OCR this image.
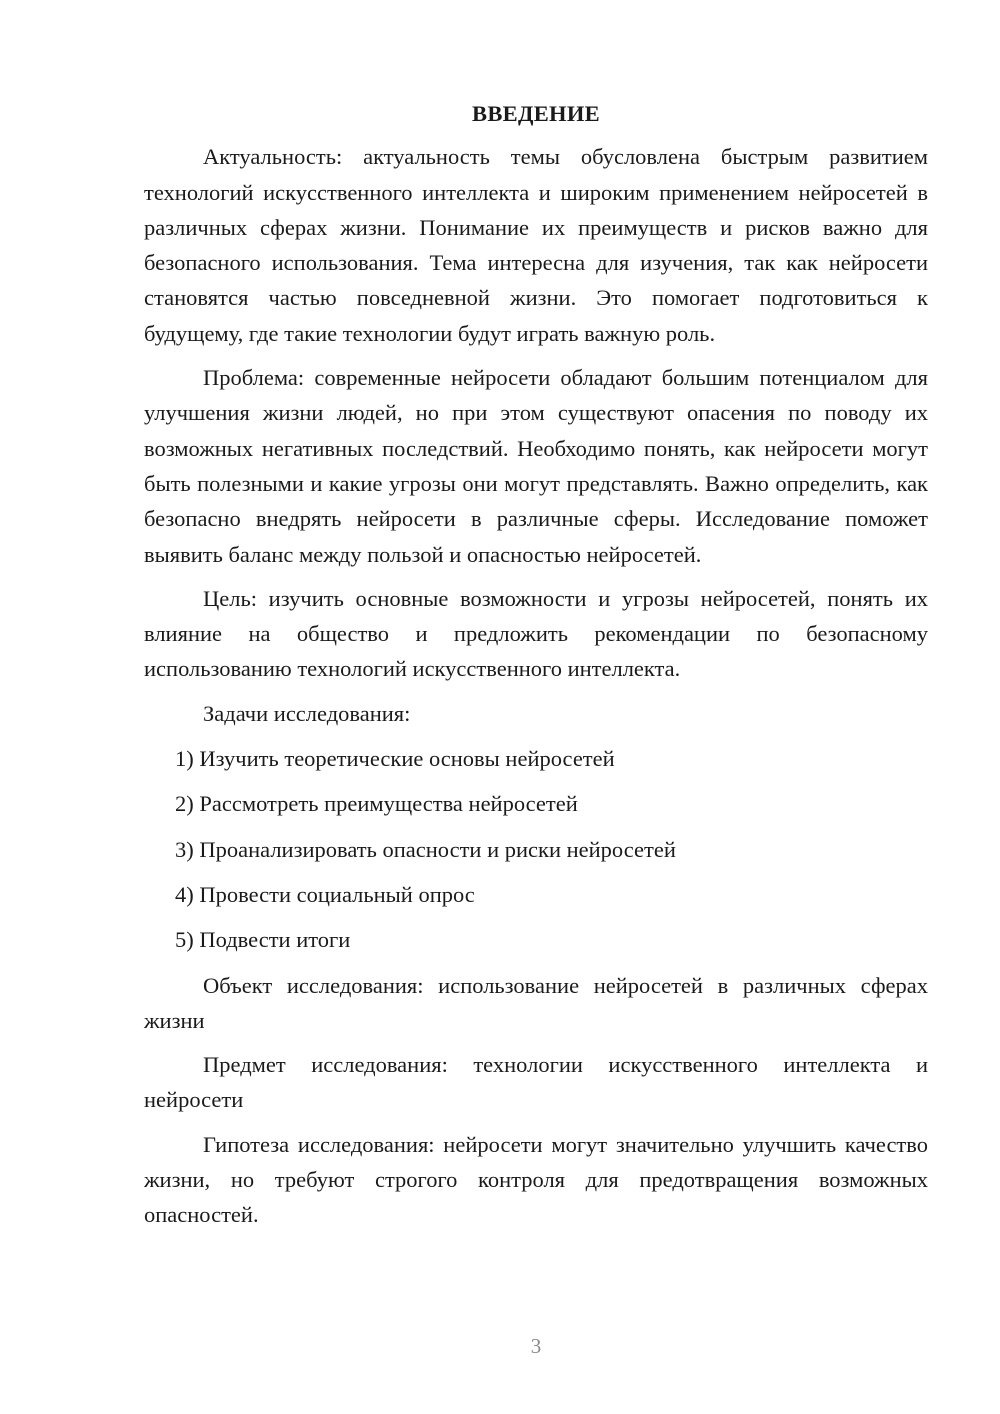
ВВЕДЕНИЕ

Актуальность: актуальность темы обусловлена быстрым развитием технологий искусственного интеллекта и широким применением нейросетей в различных сферах жизни. Понимание их преимуществ и рисков важно для безопасного использования. Тема интересна для изучения, так как нейросети становятся частью повседневной жизни. Это помогает подготовиться к будущему, где такие технологии будут играть важную роль.

Проблема: современные нейросети обладают большим потенциалом для улучшения жизни людей, но при этом существуют опасения по поводу их возможных негативных последствий. Необходимо понять, как нейросети могут быть полезными и какие угрозы они могут представлять. Важно определить, как безопасно внедрять нейросети в различные сферы. Исследование поможет выявить баланс между пользой и опасностью нейросетей.

Цель: изучить основные возможности и угрозы нейросетей, понять их влияние на общество и предложить рекомендации по безопасному использованию технологий искусственного интеллекта.

Задачи исследования:

1) Изучить теоретические основы нейросетей

2) Рассмотреть преимущества нейросетей

3) Проанализировать опасности и риски нейросетей

4) Провести социальный опрос

5) Подвести итоги

Объект исследования: использование нейросетей в различных сферах жизни

Предмет исследования: технологии искусственного интеллекта и нейросети

Гипотеза исследования: нейросети могут значительно улучшить качество жизни, но требуют строгого контроля для предотвращения возможных опасностей.

3
